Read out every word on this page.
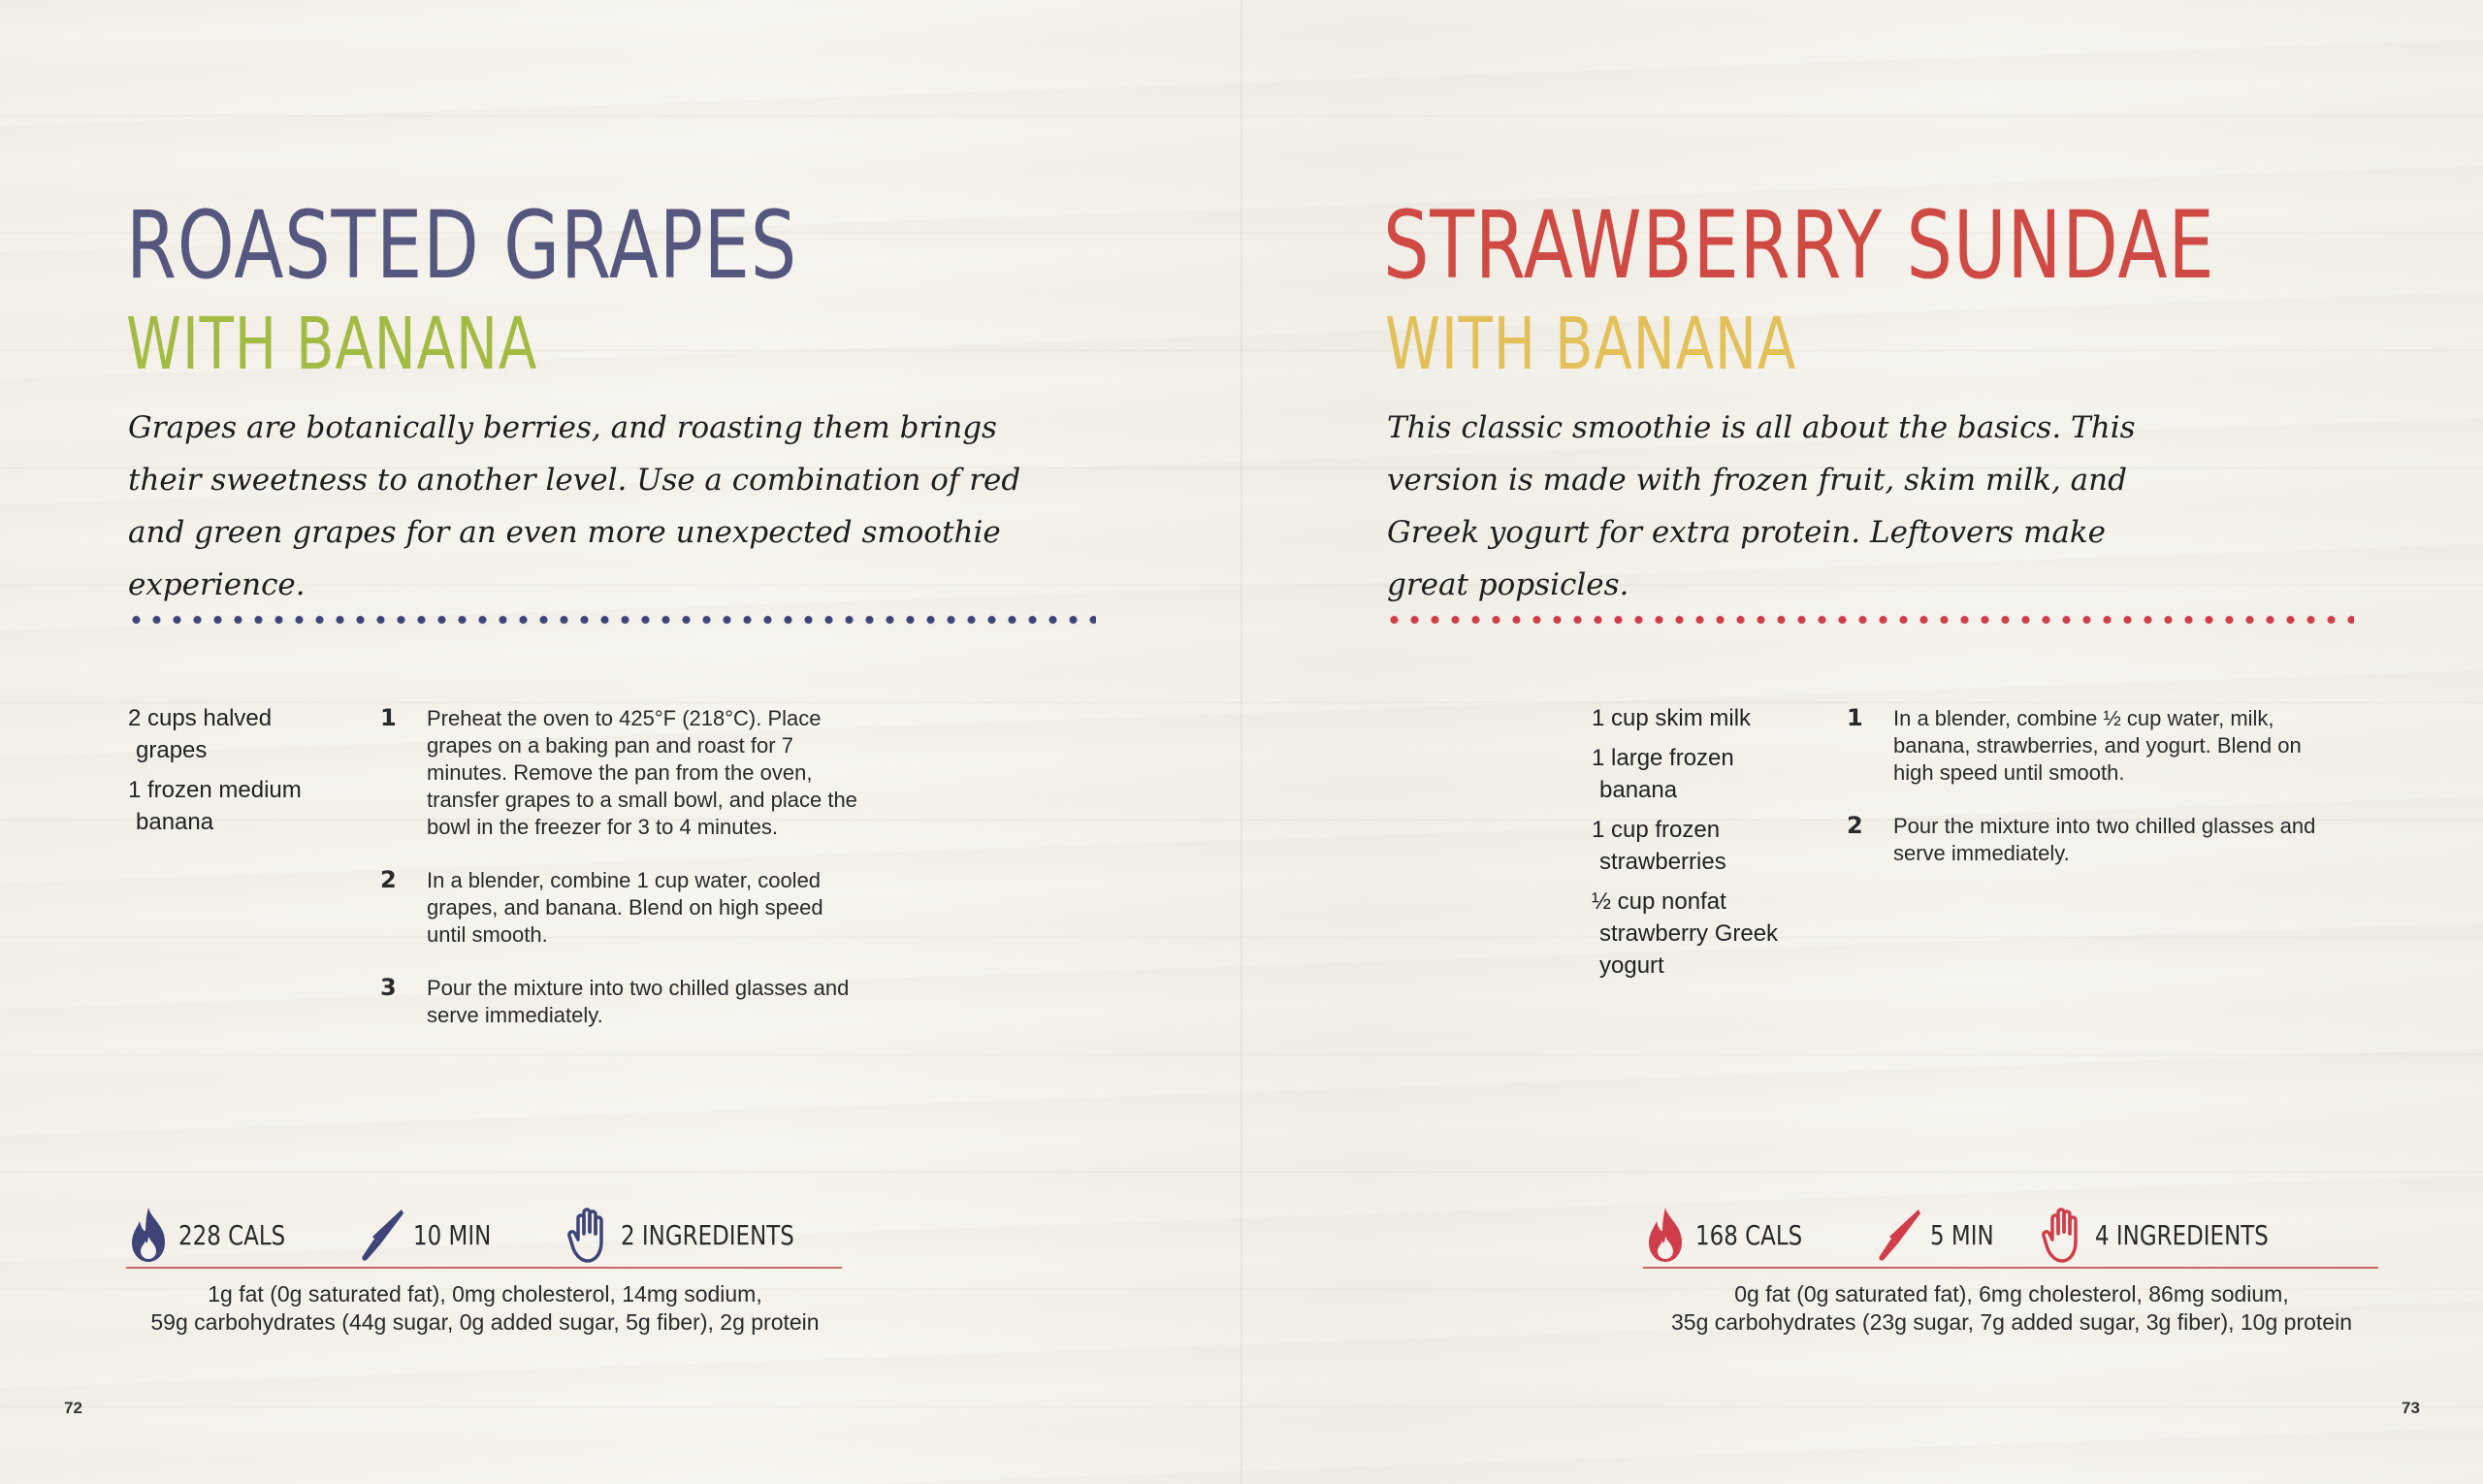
ROASTED GRAPES
WITH BANANA

Grapes are botanically berries, and roasting them brings their sweetness to another level. Use a combination of red and green grapes for an even more unexpected smoothie experience.

2 cups halved grapes
1 frozen medium banana
1 Preheat the oven to 425°F (218°C). Place grapes on a baking pan and roast for 7 minutes. Remove the pan from the oven, transfer grapes to a small bowl, and place the bowl in the freezer for 3 to 4 minutes.
2 In a blender, combine 1 cup water, cooled grapes, and banana. Blend on high speed until smooth.
3 Pour the mixture into two chilled glasses and serve immediately.
228 CALS	10 MIN	2 INGREDIENTS
1g fat (0g saturated fat), 0mg cholesterol, 14mg sodium,
59g carbohydrates (44g sugar, 0g added sugar, 5g fiber), 2g protein
72
STRAWBERRY SUNDAE
WITH BANANA

This classic smoothie is all about the basics. This version is made with frozen fruit, skim milk, and Greek yogurt for extra protein. Leftovers make great popsicles.

1 cup skim milk
1 large frozen banana
1 cup frozen strawberries
½ cup nonfat strawberry Greek yogurt
1 In a blender, combine ½ cup water, milk, banana, strawberries, and yogurt. Blend on high speed until smooth.
2 Pour the mixture into two chilled glasses and serve immediately.
168 CALS	5 MIN	4 INGREDIENTS
0g fat (0g saturated fat), 6mg cholesterol, 86mg sodium,
35g carbohydrates (23g sugar, 7g added sugar, 3g fiber), 10g protein
73
